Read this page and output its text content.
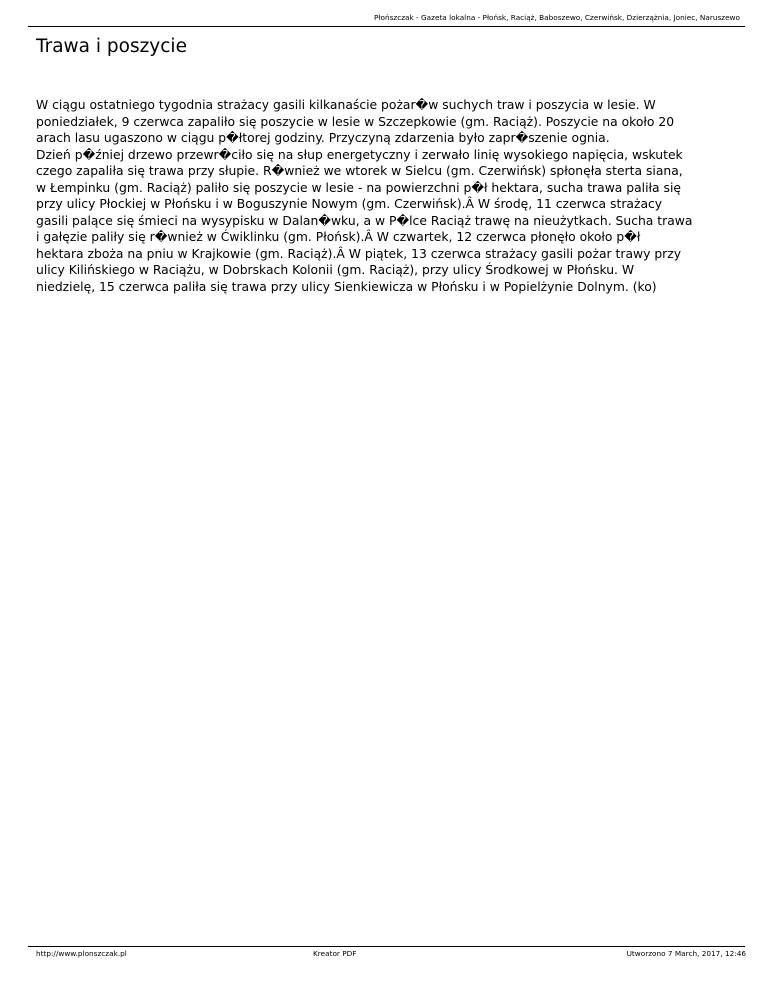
Płońszczak - Gazeta lokalna - Płońsk, Raciąż, Baboszewo, Czerwińsk, Dzierzążnia, Joniec, Naruszewo
Trawa i poszycie
W ciągu ostatniego tygodnia strażacy gasili kilkanaście pożar�w suchych traw i poszycia w lesie. W
poniedziałek, 9 czerwca zapaliło się poszycie w lesie w Szczepkowie (gm. Raciąż). Poszycie na około 20
arach lasu ugaszono w ciągu p�łtorej godziny. Przyczyną zdarzenia było zapr�szenie ognia.
Dzień p�źniej drzewo przewr�ciło się na słup energetyczny i zerwało linię wysokiego napięcia, wskutek
czego zapaliła się trawa przy słupie. R�wnież we wtorek w Sielcu (gm. Czerwińsk) spłonęła sterta siana,
w Łempinku (gm. Raciąż) paliło się poszycie w lesie - na powierzchni p�ł hektara, sucha trawa paliła się
przy ulicy Płockiej w Płońsku i w Boguszynie Nowym (gm. Czerwińsk).Â W środę, 11 czerwca strażacy
gasili palące się śmieci na wysypisku w Dalan�wku, a w P�lce Raciąż trawę na nieużytkach. Sucha trawa
i gałęzie paliły się r�wnież w Ćwiklinku (gm. Płońsk).Â W czwartek, 12 czerwca płonęło około p�ł
hektara zboża na pniu w Krajkowie (gm. Raciąż).Â W piątek, 13 czerwca strażacy gasili pożar trawy przy
ulicy Kilińskiego w Raciążu, w Dobrskach Kolonii (gm. Raciąż), przy ulicy Środkowej w Płońsku. W
niedzielę, 15 czerwca paliła się trawa przy ulicy Sienkiewicza w Płońsku i w Popielżynie Dolnym. (ko)
http://www.plonszczak.pl	Kreator PDF	Utworzono 7 March, 2017, 12:46
